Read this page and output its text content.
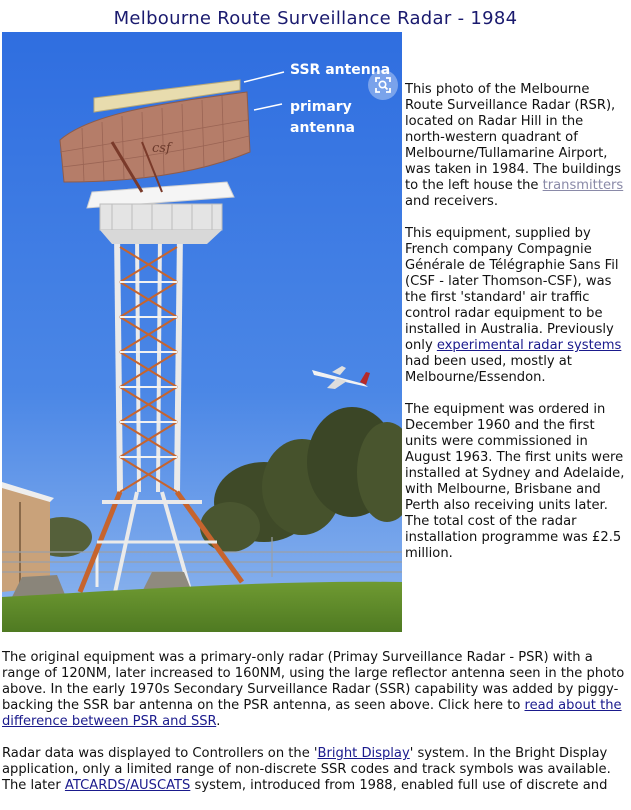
Melbourne Route Surveillance Radar - 1984
csf
SSR antenna
primary
antenna

This photo of the Melbourne Route Surveillance Radar (RSR), located on Radar Hill in the north-western quadrant of Melbourne/Tullamarine Airport, was taken in 1984. The buildings to the left house the transmitters and receivers.

This equipment, supplied by French company Compagnie Générale de Télégraphie Sans Fil (CSF - later Thomson-CSF), was the first 'standard' air traffic control radar equipment to be installed in Australia. Previously only experimental radar systems had been used, mostly at Melbourne/Essendon.

The equipment was ordered in December 1960 and the first units were commissioned in August 1963. The first units were installed at Sydney and Adelaide, with Melbourne, Brisbane and Perth also receiving units later. The total cost of the radar installation programme was £2.5 million.

The original equipment was a primary-only radar (Primay Surveillance Radar - PSR) with a range of 120NM, later increased to 160NM, using the large reflector antenna seen in the photo above. In the early 1970s Secondary Surveillance Radar (SSR) capability was added by piggy-backing the SSR bar antenna on the PSR antenna, as seen above. Click here to read about the difference between PSR and SSR.

Radar data was displayed to Controllers on the 'Bright Display' system. In the Bright Display application, only a limited range of non-discrete SSR codes and track symbols was available. The later ATCARDS/AUSCATS system, introduced from 1988, enabled full use of discrete and
